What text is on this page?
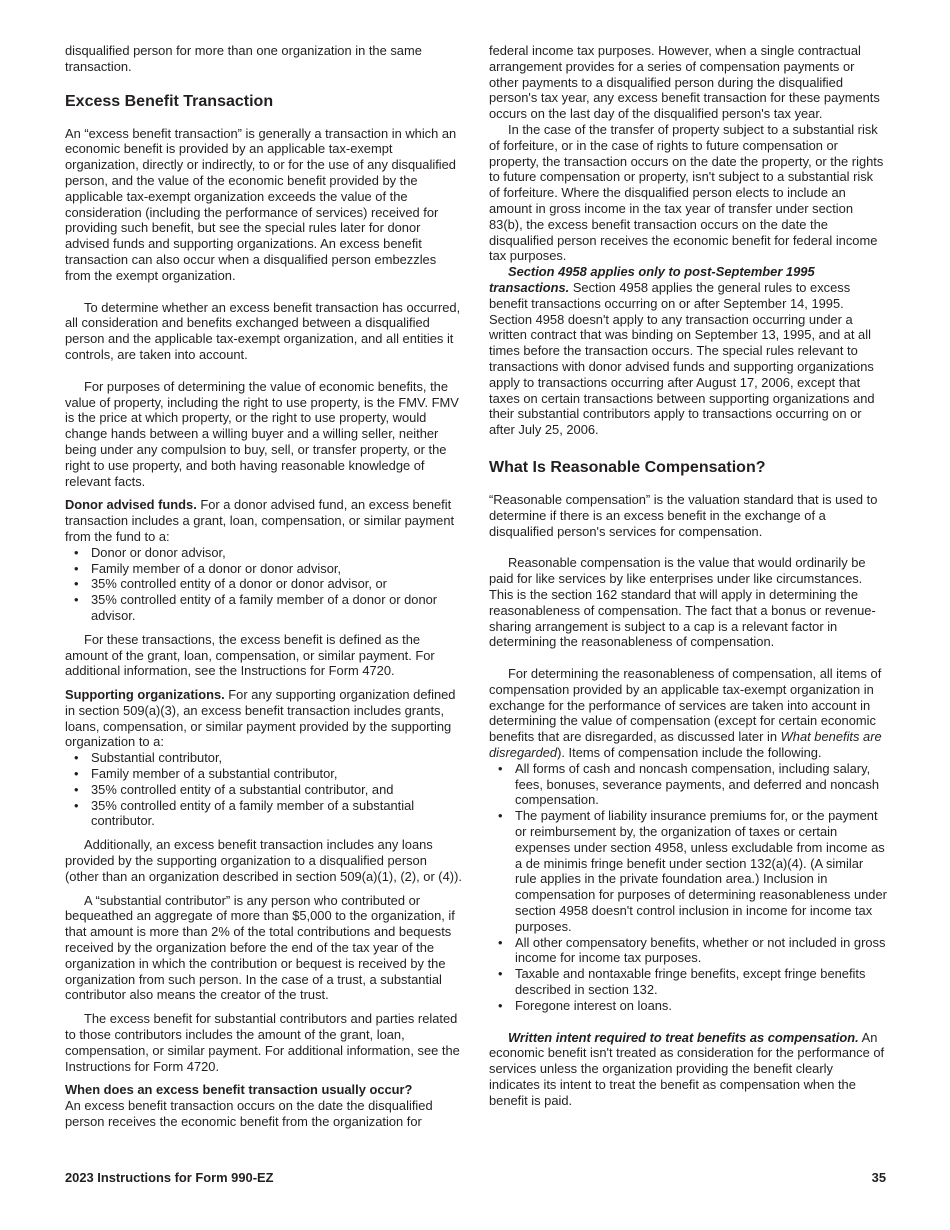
disqualified person for more than one organization in the same transaction.

Excess Benefit Transaction

An “excess benefit transaction” is generally a transaction in which an economic benefit is provided by an applicable tax-exempt organization, directly or indirectly, to or for the use of any disqualified person, and the value of the economic benefit provided by the applicable tax-exempt organization exceeds the value of the consideration (including the performance of services) received for providing such benefit, but see the special rules later for donor advised funds and supporting organizations. An excess benefit transaction can also occur when a disqualified person embezzles from the exempt organization.

To determine whether an excess benefit transaction has occurred, all consideration and benefits exchanged between a disqualified person and the applicable tax-exempt organization, and all entities it controls, are taken into account.

For purposes of determining the value of economic benefits, the value of property, including the right to use property, is the FMV. FMV is the price at which property, or the right to use property, would change hands between a willing buyer and a willing seller, neither being under any compulsion to buy, sell, or transfer property, or the right to use property, and both having reasonable knowledge of relevant facts.

Donor advised funds. For a donor advised fund, an excess benefit transaction includes a grant, loan, compensation, or similar payment from the fund to a:

• Donor or donor advisor,
• Family member of a donor or donor advisor,
• 35% controlled entity of a donor or donor advisor, or
• 35% controlled entity of a family member of a donor or donor advisor.

For these transactions, the excess benefit is defined as the amount of the grant, loan, compensation, or similar payment. For additional information, see the Instructions for Form 4720.

Supporting organizations. For any supporting organization defined in section 509(a)(3), an excess benefit transaction includes grants, loans, compensation, or similar payment provided by the supporting organization to a:

• Substantial contributor,
• Family member of a substantial contributor,
• 35% controlled entity of a substantial contributor, and
• 35% controlled entity of a family member of a substantial contributor.

Additionally, an excess benefit transaction includes any loans provided by the supporting organization to a disqualified person (other than an organization described in section 509(a)(1), (2), or (4)).

A “substantial contributor” is any person who contributed or bequeathed an aggregate of more than $5,000 to the organization, if that amount is more than 2% of the total contributions and bequests received by the organization before the end of the tax year of the organization in which the contribution or bequest is received by the organization from such person. In the case of a trust, a substantial contributor also means the creator of the trust.

The excess benefit for substantial contributors and parties related to those contributors includes the amount of the grant, loan, compensation, or similar payment. For additional information, see the Instructions for Form 4720.

When does an excess benefit transaction usually occur?
An excess benefit transaction occurs on the date the disqualified person receives the economic benefit from the organization for

federal income tax purposes. However, when a single contractual arrangement provides for a series of compensation payments or other payments to a disqualified person during the disqualified person's tax year, any excess benefit transaction for these payments occurs on the last day of the disqualified person's tax year.

In the case of the transfer of property subject to a substantial risk of forfeiture, or in the case of rights to future compensation or property, the transaction occurs on the date the property, or the rights to future compensation or property, isn't subject to a substantial risk of forfeiture. Where the disqualified person elects to include an amount in gross income in the tax year of transfer under section 83(b), the excess benefit transaction occurs on the date the disqualified person receives the economic benefit for federal income tax purposes.

Section 4958 applies only to post-September 1995 transactions. Section 4958 applies the general rules to excess benefit transactions occurring on or after September 14, 1995. Section 4958 doesn't apply to any transaction occurring under a written contract that was binding on September 13, 1995, and at all times before the transaction occurs. The special rules relevant to transactions with donor advised funds and supporting organizations apply to transactions occurring after August 17, 2006, except that taxes on certain transactions between supporting organizations and their substantial contributors apply to transactions occurring on or after July 25, 2006.

What Is Reasonable Compensation?

“Reasonable compensation” is the valuation standard that is used to determine if there is an excess benefit in the exchange of a disqualified person's services for compensation.

Reasonable compensation is the value that would ordinarily be paid for like services by like enterprises under like circumstances. This is the section 162 standard that will apply in determining the reasonableness of compensation. The fact that a bonus or revenue-sharing arrangement is subject to a cap is a relevant factor in determining the reasonableness of compensation.

For determining the reasonableness of compensation, all items of compensation provided by an applicable tax-exempt organization in exchange for the performance of services are taken into account in determining the value of compensation (except for certain economic benefits that are disregarded, as discussed later in What benefits are disregarded). Items of compensation include the following.

• All forms of cash and noncash compensation, including salary, fees, bonuses, severance payments, and deferred and noncash compensation.
• The payment of liability insurance premiums for, or the payment or reimbursement by, the organization of taxes or certain expenses under section 4958, unless excludable from income as a de minimis fringe benefit under section 132(a)(4). (A similar rule applies in the private foundation area.) Inclusion in compensation for purposes of determining reasonableness under section 4958 doesn't control inclusion in income for income tax purposes.
• All other compensatory benefits, whether or not included in gross income for income tax purposes.
• Taxable and nontaxable fringe benefits, except fringe benefits described in section 132.
• Foregone interest on loans.

Written intent required to treat benefits as compensation. An economic benefit isn't treated as consideration for the performance of services unless the organization providing the benefit clearly indicates its intent to treat the benefit as compensation when the benefit is paid.

2023 Instructions for Form 990-EZ	35
